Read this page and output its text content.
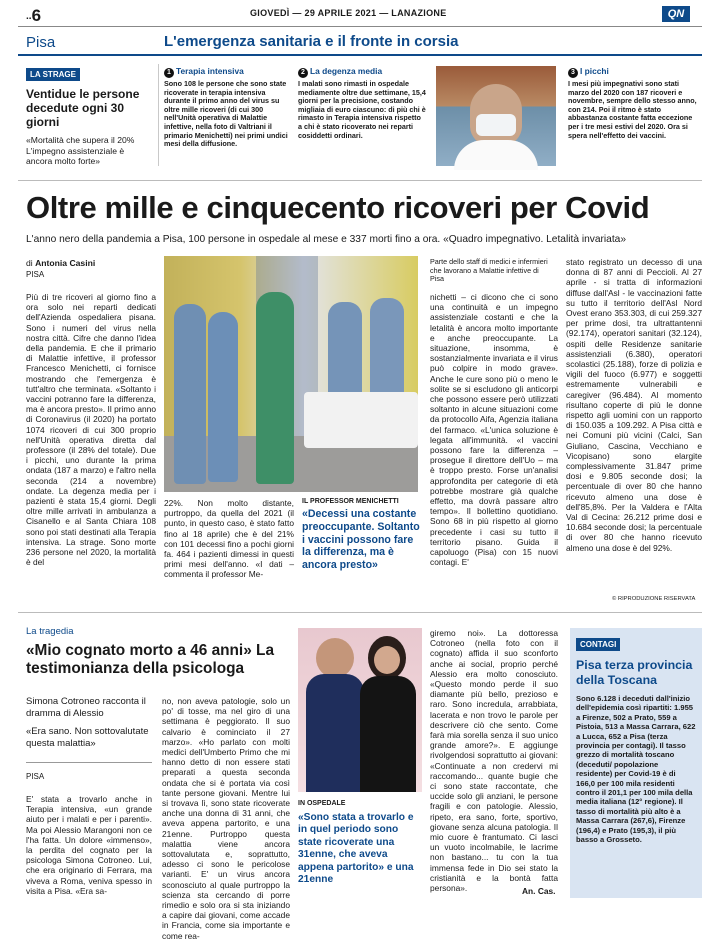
..6	GIOVEDÌ — 29 APRILE 2021 — LANAZIONE	QN
Pisa	L'emergenza sanitaria e il fronte in corsia
LA STRAGE
Ventidue le persone decedute ogni 30 giorni
«Mortalità che supera il 20% L'impegno assistenziale è ancora molto forte»
1 Terapia intensiva
Sono 108 le persone che sono state ricoverate in terapia intensiva durante il primo anno del virus su oltre mille ricoveri (di cui 300 nell'Unità operativa di Malattie infettive, nella foto di Valtriani il primario Menichetti) nei primi undici mesi della diffusione.
2 La degenza media
I malati sono rimasti in ospedale mediamente oltre due settimane, 15,4 giorni per la precisione, costando migliaia di euro ciascuno: di più chi è rimasto in Terapia intensiva rispetto a chi è stato ricoverato nei reparti cosiddetti ordinari.
3 I picchi
I mesi più impegnativi sono stati marzo del 2020 con 187 ricoveri e novembre, sempre dello stesso anno, con 214. Poi il ritmo è stato abbastanza costante fatta eccezione per i tre mesi estivi del 2020. Ora si spera nell'effetto dei vaccini.
Oltre mille e cinquecento ricoveri per Covid
L'anno nero della pandemia a Pisa, 100 persone in ospedale al mese e 337 morti fino a ora. «Quadro impegnativo. Letalità invariata»
di Antonia Casini
PISA
Più di tre ricoveri al giorno fino a ora solo nei reparti dedicati dell'Azienda ospedaliera pisana. Sono i numeri del virus nella nostra città. Cifre che danno l'idea della pandemia. E che il primario di Malattie infettive, il professor Francesco Menichetti, ci fornisce mostrando che l'emergenza è tutt'altro che terminata. «Soltanto i vaccini potranno fare la differenza, ma è ancora presto». Il primo anno di Coronavirus (il 2020) ha portato 1074 ricoveri di cui 300 proprio nell'Unità operativa diretta dal professore (il 28% del totale). Due i picchi, uno durante la prima ondata (187 a marzo) e l'altro nella seconda (214 a novembre) ondate. La degenza media per i pazienti è stata 15,4 giorni. Degli oltre mille arrivati in ambulanza a Cisanello e al Santa Chiara 108 sono poi stati destinati alla Terapia intensiva. La strage. Sono morte 236 persone nel 2020, la mortalità è del
22%. Non molto distante, purtroppo, da quella del 2021 (il punto, in questo caso, è stato fatto fino al 18 aprile) che è del 21% con 101 decessi fino a pochi giorni fa. 464 i pazienti dimessi in questi primi mesi dell'anno. «I dati – commenta il professor Me-
IL PROFESSOR MENICHETTI
«Decessi una costante preoccupante. Soltanto i vaccini possono fare la differenza, ma è ancora presto»
Parte dello staff di medici e infermieri che lavorano a Malattie infettive di Pisa
nichetti – ci dicono che ci sono una continuità e un impegno assistenziale costanti e che la letalità è ancora molto importante e anche preoccupante. La situazione, insomma, è sostanzialmente invariata e il virus può colpire in modo grave». Anche le cure sono più o meno le solite se si escludono gli anticorpi che possono essere però utilizzati soltanto in alcune situazioni come da protocollo Aifa, Agenzia italiana del farmaco. «L'unica soluzione è legata all'immunità. «I vaccini possono fare la differenza – prosegue il direttore dell'Uo – ma è troppo presto. Forse un'analisi approfondita per categorie di età potrebbe mostrare già qualche effetto, ma dovrà passare altro tempo». Il bollettino quotidiano. Sono 68 in più rispetto al giorno precedente i casi su tutto il territorio pisano. Guida il capoluogo (Pisa) con 15 nuovi contagi. E'
stato registrato un decesso di una donna di 87 anni di Peccioli. Al 27 aprile - si tratta di informazioni diffuse dall'Asl - le vaccinazioni fatte su tutto il territorio dell'Asl Nord Ovest erano 353.303, di cui 259.327 per prime dosi, tra ultrattantenni (92.174), operatori sanitari (32.124), ospiti delle Residenze sanitarie assistenziali (6.380), operatori scolastici (25.188), forze di polizia e vigili del fuoco (6.977) e soggetti estremamente vulnerabili e caregiver (96.484). Al momento risultano coperte di più le donne rispetto agli uomini con un rapporto di 150.035 a 109.292. A Pisa città e nei Comuni più vicini (Calci, San Giuliano, Cascina, Vecchiano e Vicopisano) sono elargite complessivamente 31.847 prime dosi e 9.805 seconde dosi; la percentuale di over 80 che hanno ricevuto almeno una dose è dell'85,8%. Per la Valdera e l'Alta Val di Cecina: 26.212 prime dosi e 10.684 seconde dosi; la percentuale di over 80 che hanno ricevuto almeno una dose è del 92%.
© RIPRODUZIONE RISERVATA
La tragedia
«Mio cognato morto a 46 anni» La testimonianza della psicologa
Simona Cotroneo racconta il dramma di Alessio
«Era sano. Non sottovalutate questa malattia»
PISA
E' stata a trovarlo anche in Terapia intensiva, «un grande aiuto per i malati e per i parenti». Ma poi Alessio Marangoni non ce l'ha fatta. Un dolore «immenso», la perdita del cognato per la psicologa Simona Cotroneo. Lui, che era originario di Ferrara, ma viveva a Roma, veniva spesso in visita a Pisa. «Era sa-
no, non aveva patologie, solo un po' di tosse, ma nel giro di una settimana è peggiorato. Il suo calvario è cominciato il 27 marzo». «Ho parlato con molti medici dell'Umberto Primo che mi hanno detto di non essere stati preparati a questa seconda ondata che si è portata via così tante persone giovani. Mentre lui si trovava lì, sono state ricoverate anche una donna di 31 anni, che aveva appena partorito, e una 21enne. Purtroppo questa malattia viene ancora sottovalutata e, soprattutto, adesso ci sono le pericolose varianti. E' un virus ancora sconosciuto al quale purtroppo la scienza sta cercando di porre rimedio e solo ora si sta iniziando a capire dai giovani, come accade in Francia, come sia importante e come rea-
IN OSPEDALE
«Sono stata a trovarlo e in quel periodo sono state ricoverate una 31enne, che aveva appena partorito» e una 21enne
giremo noi». La dottoressa Cotroneo (nella foto con il cognato) affida il suo sconforto anche ai social, proprio perché Alessio era molto conosciuto. «Questo mondo perde il suo diamante più bello, prezioso e raro. Sono incredula, arrabbiata, lacerata e non trovo le parole per descrivere ciò che sento. Come farà mia sorella senza il suo unico grande amore?». E aggiunge rivolgendosi soprattutto ai giovani: «Continuate a non credervi mi raccomando... quante bugie che ci sono state raccontate, che uccide solo gli anziani, le persone fragili e con patologie. Alessio, ripeto, era sano, forte, sportivo, giovane senza alcuna patologia. Il mio cuore è frantumato. Ci lasci un vuoto incolmabile, le lacrime non bastano... tu con la tua immensa fede in Dio sei stato la cristianità e la bontà fatta persona».	An. Cas.
CONTAGI
Pisa terza provincia della Toscana
Sono 6.128 i deceduti dall'inizio dell'epidemia così ripartiti: 1.955 a Firenze, 502 a Prato, 559 a Pistoia, 513 a Massa Carrara, 622 a Lucca, 652 a Pisa (terza provincia per contagi). Il tasso grezzo di mortalità toscano (deceduti/ popolazione residente) per Covid-19 è di 166,0 per 100 mila residenti contro il 201,1 per 100 mila della media italiana (12° regione). Il tasso di mortalità più alto è a Massa Carrara (267,6), Firenze (196,4) e Prato (195,3), il più basso a Grosseto.
